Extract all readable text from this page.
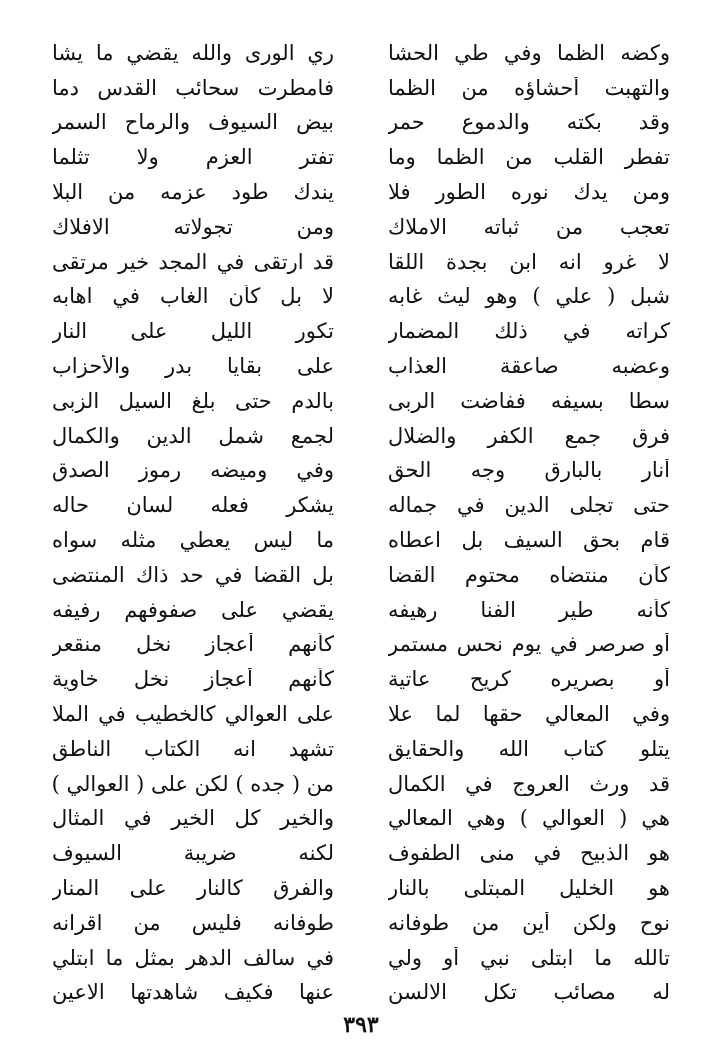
وكضه الظما وفي طي الحشا
ري الورى والله يقضي ما يشا
والتهبت أحشاؤه من الظما
فامطرت سحائب القدس دما
وقد بكته والدموع حمر
بيض السيوف والرماح السمر
تفطر القلب من الظما وما
تفتر العزم ولا تثلما
ومن يدك نوره الطور فلا
يندك طود عزمه من البلا
تعجب من ثباته الاملاك
ومن تجولاته الافلاك
لا غرو انه ابن بجدة اللقا
قد ارتقى في المجد خير مرتقى
شبل ( علي ) وهو ليث غابه
لا بل كأن الغاب في اهابه
كراته في ذلك المضمار
تكور الليل على النار
وعضبه صاعقة العذاب
على بقايا بدر والأحزاب
سطا بسيفه ففاضت الربى
بالدم حتى بلغ السيل الزبى
فرق جمع الكفر والضلال
لجمع شمل الدين والكمال
أنار بالبارق وجه الحق
وفي وميضه رموز الصدق
حتى تجلى الدين في جماله
يشكر فعله لسان حاله
قام بحق السيف بل اعطاه
ما ليس يعطي مثله سواه
كأن منتضاه محتوم القضا
بل القضا في حد ذاك المنتضى
كأنه طير الفنا رهيفه
يقضي على صفوفهم رفيفه
أو صرصر في يوم نحس مستمر
كأنهم أعجاز نخل منقعر
أو بصريره كريح عاتية
كأنهم أعجاز نخل خاوية
وفي المعالي حقها لما علا
على العوالي كالخطيب في الملا
يتلو كتاب الله والحقايق
تشهد انه الكتاب الناطق
قد ورث العروج في الكمال
من ( جده ) لكن على ( العوالي )
هي ( العوالي ) وهي المعالي
والخير كل الخير في المثال
هو الذبيح في منى الطفوف
لكنه ضريبة السيوف
هو الخليل المبتلى بالنار
والفرق كالنار على المنار
نوح ولكن أين من طوفانه
طوفانه فليس من اقرانه
تالله ما ابتلى نبي أو ولي
في سالف الدهر بمثل ما ابتلي
له مصائب تكل الالسن
عنها فكيف شاهدتها الاعين
٣٩٣
